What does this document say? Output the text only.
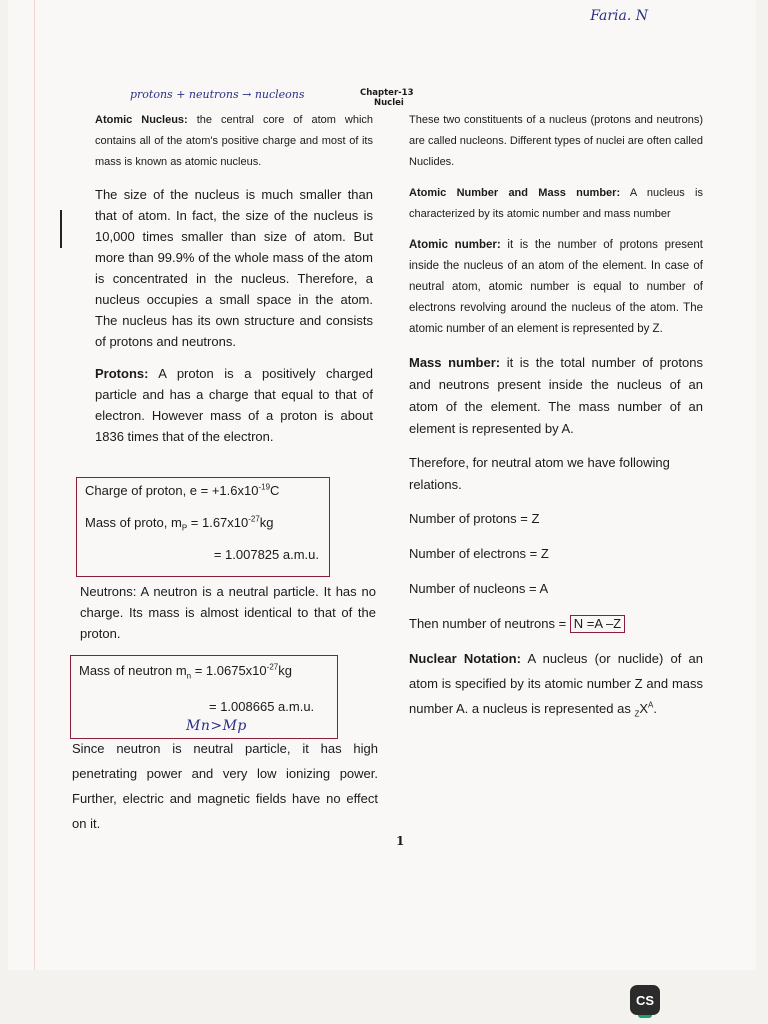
Faria. N
protons + neutrons → nucleons	Chapter-13
Nuclei

Atomic Nucleus: the central core of atom which contains all of the atom's positive charge and most of its mass is known as atomic nucleus.

The size of the nucleus is much smaller than that of atom. In fact, the size of the nucleus is 10,000 times smaller than size of atom. But more than 99.9% of the whole mass of the atom is concentrated in the nucleus. Therefore, a nucleus occupies a small space in the atom. The nucleus has its own structure and consists of protons and neutrons.

Protons: A proton is a positively charged particle and has a charge that equal to that of electron. However mass of a proton is about 1836 times that of the electron.

Charge of proton, $e = +1.6x10^{-19}C$
Mass of proto, $m_P = 1.67x10^{-27}kg$
= 1.007825 a.m.u.

Neutrons: A neutron is a neutral particle. It has no charge. Its mass is almost identical to that of the proton.

Mass of neutron $m_n = 1.0675x10^{-27}kg$
= 1.008665 a.m.u.
Mn>Mp

Since neutron is neutral particle, it has high penetrating power and very low ionizing power. Further, electric and magnetic fields have no effect on it.

These two constituents of a nucleus (protons and neutrons) are called nucleons. Different types of nuclei are often called Nuclides.

Atomic Number and Mass number: A nucleus is characterized by its atomic number and mass number

Atomic number: it is the number of protons present inside the nucleus of an atom of the element. In case of neutral atom, atomic number is equal to number of electrons revolving around the nucleus of the atom. The atomic number of an element is represented by Z.

Mass number: it is the total number of protons and neutrons present inside the nucleus of an atom of the element. The mass number of an element is represented by A.

Therefore, for neutral atom we have following relations.

Number of protons = Z

Number of electrons = Z

Number of nucleons = A

Then number of neutrons = N =A –Z

Nuclear Notation: A nucleus (or nuclide) of an atom is specified by its atomic number Z and mass number A. a nucleus is represented as $_ZX^A$.

1
CS
